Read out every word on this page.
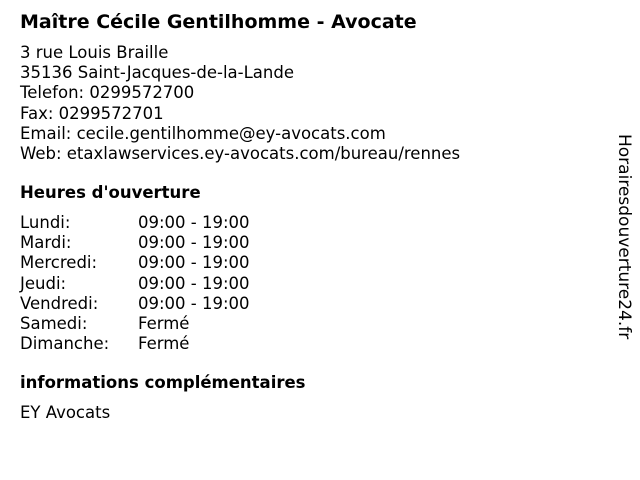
Maître Cécile Gentilhomme - Avocate
3 rue Louis Braille
35136 Saint-Jacques-de-la-Lande
Telefon: 0299572700
Fax: 0299572701
Email: cecile.gentilhomme@ey-avocats.com
Web: etaxlawservices.ey-avocats.com/bureau/rennes
Heures d'ouverture
Lundi:	09:00 - 19:00
Mardi:	09:00 - 19:00
Mercredi: 09:00 - 19:00
Jeudi:	09:00 - 19:00
Vendredi: 09:00 - 19:00
Samedi:	Fermé
Dimanche: Fermé
informations complémentaires
EY Avocats
Horairesdouverture24.fr
